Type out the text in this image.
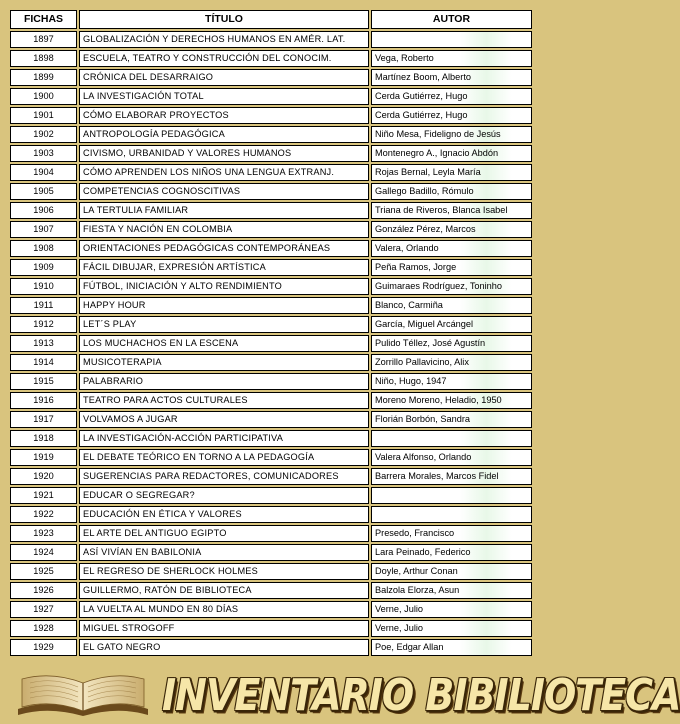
FICHAS	TÍTULO	AUTOR
1897	GLOBALIZACIÓN Y DERECHOS HUMANOS EN AMÉR. LAT.	
1898	ESCUELA, TEATRO Y CONSTRUCCIÓN DEL CONOCIM.	Vega, Roberto
1899	CRÓNICA DEL DESARRAIGO	Martínez Boom, Alberto
1900	LA INVESTIGACIÓN TOTAL	Cerda Gutiérrez, Hugo
1901	CÓMO ELABORAR PROYECTOS	Cerda Gutiérrez, Hugo
1902	ANTROPOLOGÍA PEDAGÓGICA	Niño Mesa, Fideligno de Jesús
1903	CIVISMO, URBANIDAD Y VALORES HUMANOS	Montenegro A., Ignacio Abdón
1904	CÓMO APRENDEN LOS NIÑOS UNA LENGUA EXTRANJ.	Rojas Bernal, Leyla María
1905	COMPETENCIAS COGNOSCITIVAS	Gallego Badillo, Rómulo
1906	LA TERTULIA FAMILIAR	Triana de Riveros, Blanca Isabel
1907	FIESTA Y NACIÓN EN COLOMBIA	González Pérez, Marcos
1908	ORIENTACIONES PEDAGÓGICAS CONTEMPORÁNEAS	Valera, Orlando
1909	FÁCIL DIBUJAR, EXPRESIÓN ARTÍSTICA	Peña Ramos, Jorge
1910	FÚTBOL, INICIACIÓN Y ALTO RENDIMIENTO	Guimaraes Rodríguez, Toninho
1911	HAPPY HOUR	Blanco, Carmiña
1912	LET´S PLAY	García, Miguel Arcángel
1913	LOS MUCHACHOS EN LA ESCENA	Pulido Téllez, José Agustín
1914	MUSICOTERAPIA	Zorrillo Pallavicino, Alix
1915	PALABRARIO	Niño, Hugo, 1947
1916	TEATRO PARA ACTOS CULTURALES	Moreno Moreno, Heladio, 1950
1917	VOLVAMOS A JUGAR	Florián Borbón, Sandra
1918	LA INVESTIGACIÓN-ACCIÓN PARTICIPATIVA	
1919	EL DEBATE TEÓRICO EN TORNO A LA PEDAGOGÍA	Valera Alfonso, Orlando
1920	SUGERENCIAS PARA REDACTORES, COMUNICADORES	Barrera Morales, Marcos Fidel
1921	EDUCAR O SEGREGAR?	
1922	EDUCACIÓN EN ÉTICA Y VALORES	
1923	EL ARTE DEL ANTIGUO EGIPTO	Presedo, Francisco
1924	ASÍ VIVÍAN EN BABILONIA	Lara Peinado, Federico
1925	EL REGRESO DE SHERLOCK HOLMES	Doyle, Arthur Conan
1926	GUILLERMO, RATÓN DE BIBLIOTECA	Balzola Elorza, Asun
1927	LA VUELTA AL MUNDO EN 80 DÍAS	Verne, Julio
1928	MIGUEL STROGOFF	Verne, Julio
1929	EL GATO NEGRO	Poe, Edgar Allan
INVENTARIO BIBILIOTECA
